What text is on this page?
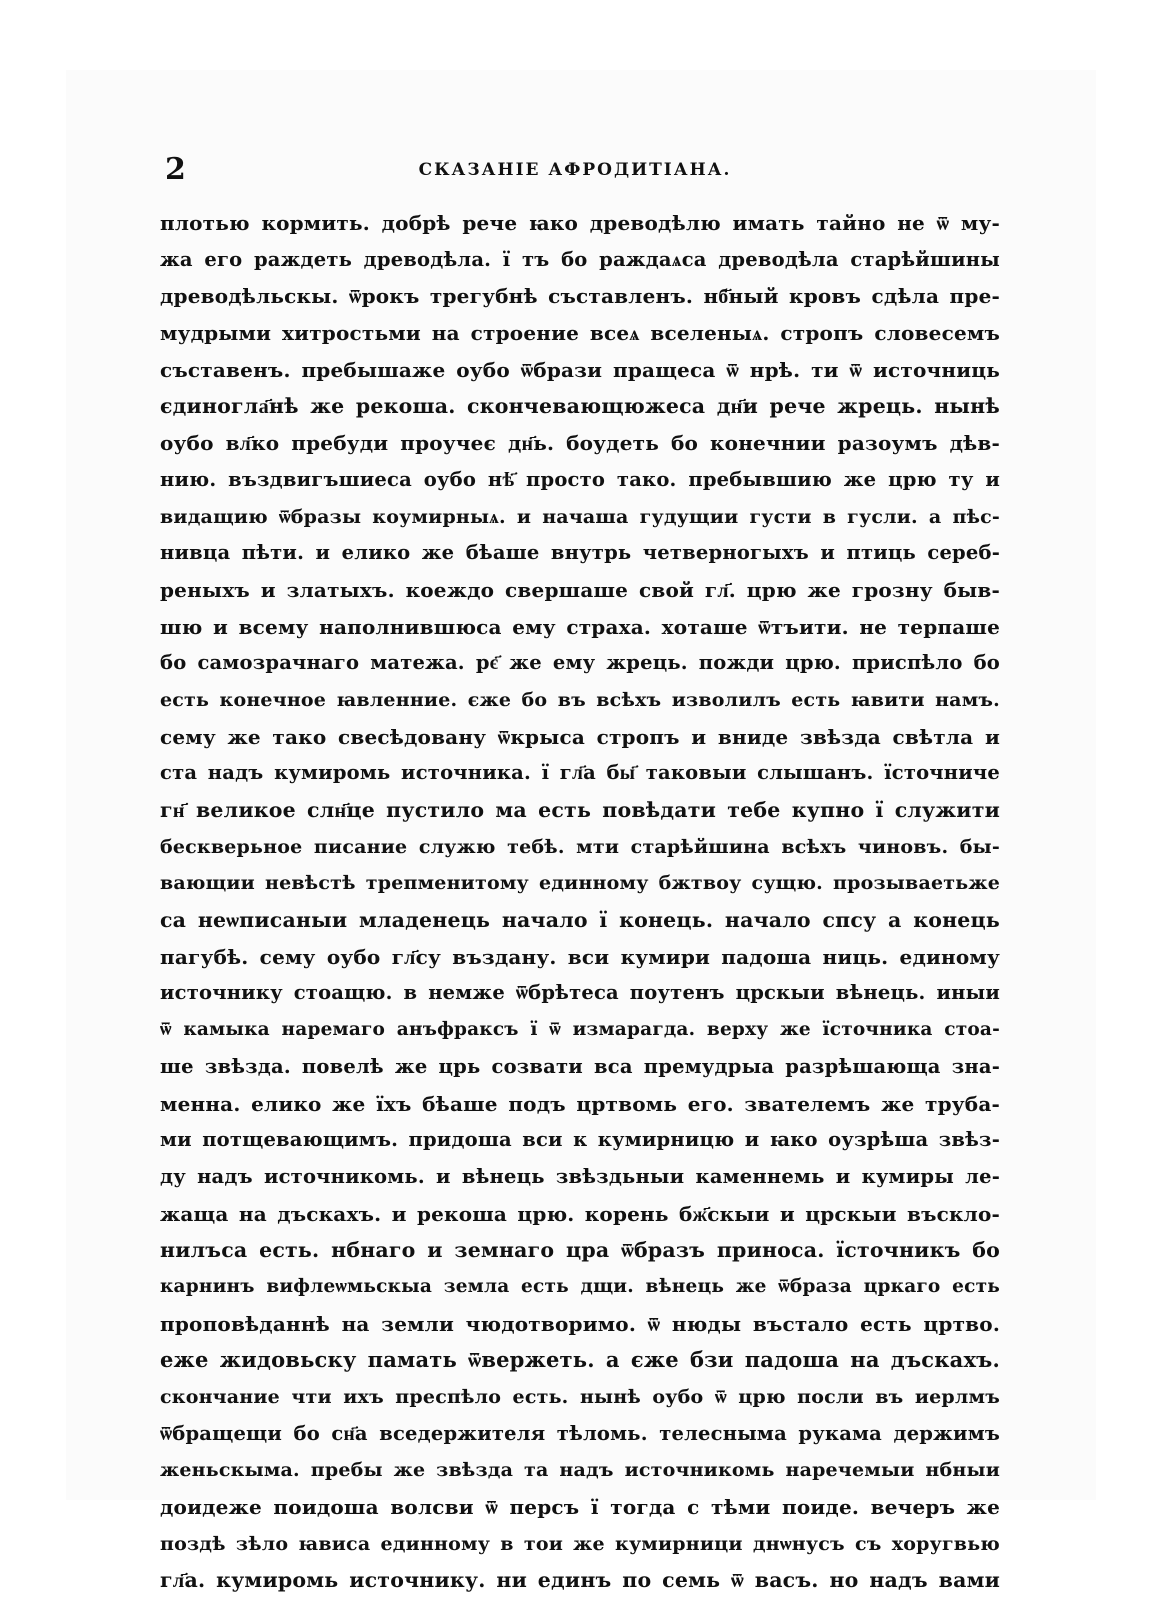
2	СКАЗАНІЕ АФРОДИТІАНА.
плотью кормить. добрѣ рече ꙗко древодѣлю имать тайно не ѿ му-
жа его раждеть древодѣла. ї тъ бо раждаѧса древодѣла старѣйшины
древодѣльскы. ѿрокъ трегубнѣ съставленъ. нб҃ный кровъ сдѣла пре-
мудрыми хитростьми на строение всеѧ вселеныѧ. стропъ словесемъ
съставенъ. пребышаже оубо ѿбрази пращеса ѿ нрѣ. ти ѿ источниць
єдиногла҃нѣ же рекоша. скончевающюжеса дн҃и рече жрець. нынѣ
оубо вл҃ко пребуди проучеє дн҃ь. боудеть бо конечнии разоумъ дѣв-
нию. въздвигъшиеса оубо нѣ҃ просто тако. пребывшию же црю ту и
видащию ѿбразы коумирныѧ. и начаша гудущии густи в гусли. а пѣс-
нивца пѣти. и елико же бѣаше внутрь четверногыхъ и птиць сереб-
реныхъ и златыхъ. коеждо свершаше свой гл҃. црю же грозну быв-
шю и всему наполнившюса ему страха. хоташе ѿтъити. не терпаше
бо самозрачнаго матежа. рє҃ же ему жрець. пожди црю. приспѣло бо
есть конечное ꙗвленние. єже бо въ всѣхъ изволилъ есть ꙗвити намъ.
сему же тако свесѣдовану ѿкрыса стропъ и вниде звѣзда свѣтла и
ста надъ кумиромь источника. ї гл҃а бы҃ таковыи слышанъ. їсточниче
гн҃ великое слн҃це пустило ма есть повѣдати тебе купно ї служити
бескверьное писание служю тебѣ. мти старѣйшина всѣхъ чиновъ. бы-
вающии невѣстѣ трепменитому единному бжтвоу сущю. прозываетьже
са неѡписаныи младенець начало ї конець. начало спсу а конець
пагубѣ. сему оубо гл҃су въздану. вси кумири падоша ниць. единому
источнику стоащю. в немже ѿбрѣтеса поутенъ црскыи вѣнець. иныи
ѿ камыка наремаго анъфраксъ ї ѿ измарагда. верху же їсточника стоа-
ше звѣзда. повелѣ же црь созвати вса премудрыа разрѣшающа зна-
менна. елико же їхъ бѣаше подъ цртвомь его. звателемъ же труба-
ми потщевающимъ. придоша вси к кумирницю и ꙗко оузрѣша звѣз-
ду надъ источникомь. и вѣнець звѣздьныи каменнемь и кумиры ле-
жаща на дъскахъ. и рекоша црю. корень бж҃скыи и црскыи въскло-
нилъса есть. нбнаго и земнаго цра ѿбразъ приноса. їсточникъ бо
карнинъ вифлеѡмьскыа земла есть дщи. вѣнець же ѿбраза цркаго есть
проповѣданнѣ на земли чюдотворимо. ѿ нюды въстало есть цртво.
еже жидовьску памать ѿвержеть. а єже бзи падоша на дъскахъ.
скончание чти ихъ преспѣло есть. нынѣ оубо ѿ црю посли въ иерлмъ
ѿбращещи бо сн҃а вседержителя тѣломь. телесныма рукама держимъ
женьскыма. пребы же звѣзда та надъ источникомь наречемыи нбныи
доидеже поидоша волсви ѿ персъ ї тогда с тѣми поиде. вечеръ же
поздѣ зѣло ꙗвиса единному в тои же кумирници днѡнусъ съ хоругвью
гл҃а. кумиромь источнику. ни единъ по семь ѿ васъ. но надъ вами
